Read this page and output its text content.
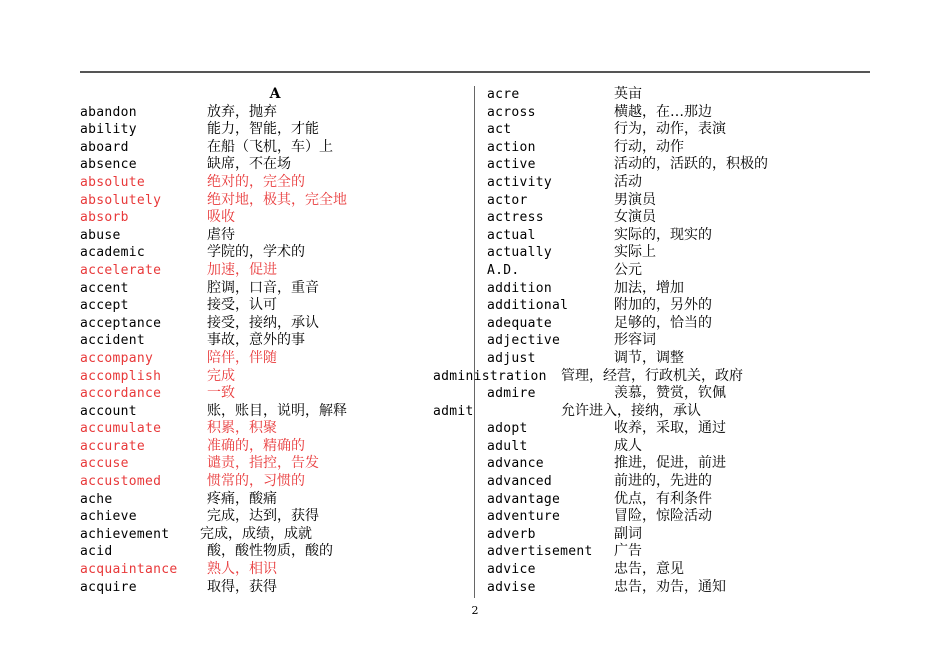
A
abandon	放弃，抛弃
ability	能力，智能，才能
aboard	在船（飞机，车）上
absence	缺席，不在场
absolute	绝对的，完全的
absolutely	绝对地，极其，完全地
absorb	吸收
abuse	虐待
academic	学院的，学术的
accelerate	加速，促进
accent	腔调，口音，重音
accept	接受，认可
acceptance	接受，接纳，承认
accident	事故，意外的事
accompany	陪伴，伴随
accomplish	完成
accordance	一致
account	账，账目，说明，解释
accumulate	积累，积聚
accurate	准确的，精确的
accuse	谴责，指控，告发
accustomed	惯常的，习惯的
ache	疼痛，酸痛
achieve	完成，达到，获得
achievement 完成，成绩，成就
acid	酸，酸性物质，酸的
acquaintance 熟人，相识
acquire	取得，获得
acre	英亩
across	横越，在…那边
act	行为，动作，表演
action	行动，动作
active	活动的，活跃的，积极的
activity	活动
actor	男演员
actress	女演员
actual	实际的，现实的
actually	实际上
A.D.	公元
addition	加法，增加
additional	附加的，另外的
adequate	足够的，恰当的
adjective	形容词
adjust	调节，调整
administration 管理，经营，行政机关，政府
admire	羡慕，赞赏，钦佩
admit	允许进入，接纳，承认
adopt	收养，采取，通过
adult	成人
advance	推进，促进，前进
advanced	前进的，先进的
advantage	优点，有利条件
adventure	冒险，惊险活动
adverb	副词
advertisement 广告
advice	忠告，意见
advise	忠告，劝告，通知
2
